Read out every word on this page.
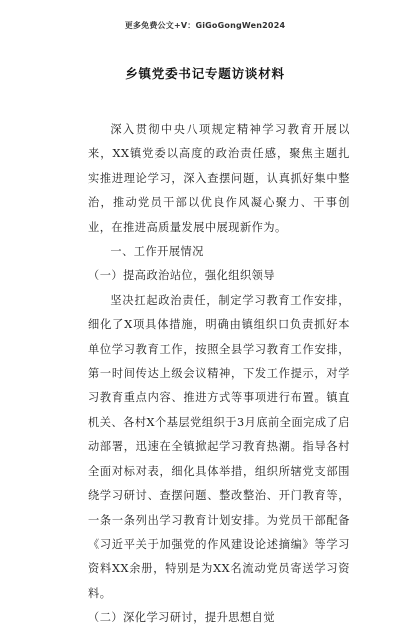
更多免费公文+V：GiGoGongWen2024
乡镇党委书记专题访谈材料

深入贯彻中央八项规定精神学习教育开展以来，XX镇党委以高度的政治责任感，聚焦主题扎实推进理论学习，深入查摆问题，认真抓好集中整治，推动党员干部以优良作风凝心聚力、干事创业，在推进高质量发展中展现新作为。

一、工作开展情况

（一）提高政治站位，强化组织领导

坚决扛起政治责任，制定学习教育工作安排，细化了X项具体措施，明确由镇组织口负责抓好本单位学习教育工作，按照全县学习教育工作安排，第一时间传达上级会议精神，下发工作提示，对学习教育重点内容、推进方式等事项进行布置。镇直机关、各村X个基层党组织于3月底前全面完成了启动部署，迅速在全镇掀起学习教育热潮。指导各村全面对标对表，细化具体举措，组织所辖党支部围绕学习研讨、查摆问题、整改整治、开门教育等，一条一条列出学习教育计划安排。为党员干部配备《习近平关于加强党的作风建设论述摘编》等学习资料XX余册，特别是为XX名流动党员寄送学习资料。

（二）深化学习研讨，提升思想自觉
